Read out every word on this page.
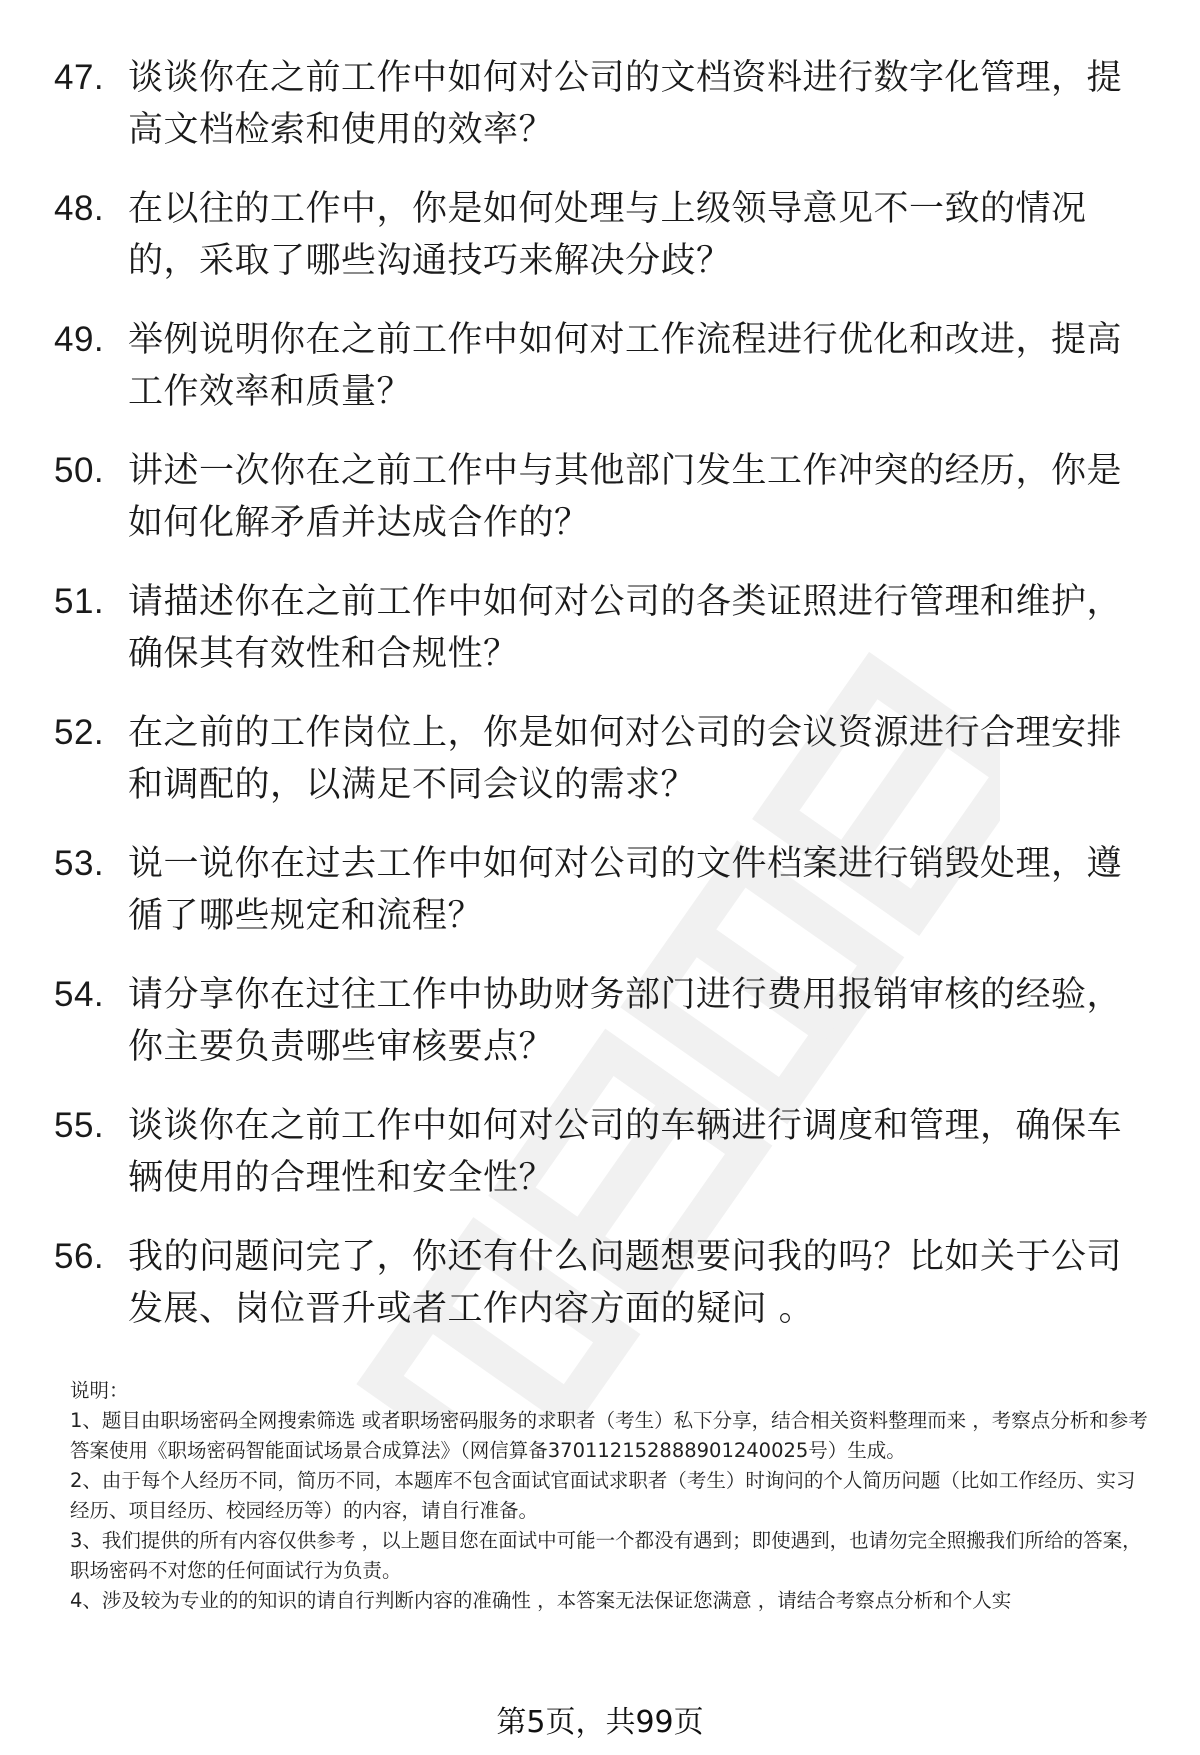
47. 谈谈你在之前工作中如何对公司的文档资料进行数字化管理，提高文档检索和使用的效率？
48. 在以往的工作中，你是如何处理与上级领导意见不一致的情况的，采取了哪些沟通技巧来解决分歧？
49. 举例说明你在之前工作中如何对工作流程进行优化和改进，提高工作效率和质量？
50. 讲述一次你在之前工作中与其他部门发生工作冲突的经历，你是如何化解矛盾并达成合作的？
51. 请描述你在之前工作中如何对公司的各类证照进行管理和维护，确保其有效性和合规性？
52. 在之前的工作岗位上，你是如何对公司的会议资源进行合理安排和调配的，以满足不同会议的需求？
53. 说一说你在过去工作中如何对公司的文件档案进行销毁处理，遵循了哪些规定和流程？
54. 请分享你在过往工作中协助财务部门进行费用报销审核的经验，你主要负责哪些审核要点？
55. 谈谈你在之前工作中如何对公司的车辆进行调度和管理，确保车辆使用的合理性和安全性？
56. 我的问题问完了，你还有什么问题想要问我的吗？比如关于公司发展、岗位晋升或者工作内容方面的疑问 。

说明：

1、题目由职场密码全网搜索筛选 或者职场密码服务的求职者（考生）私下分享，结合相关资料整理而来 ，考察点分析和参考答案使用《职场密码智能面试场景合成算法》（网信算备370112152888901240025号）生成。

2、由于每个人经历不同，简历不同，本题库不包含面试官面试求职者（考生）时询问的个人简历问题（比如工作经历、实习经历、项目经历、校园经历等）的内容，请自行准备。

3、我们提供的所有内容仅供参考 ，以上题目您在面试中可能一个都没有遇到；即使遇到，也请勿完全照搬我们所给的答案，职场密码不对您的任何面试行为负责。

4、涉及较为专业的的知识的请自行判断内容的准确性 ，本答案无法保证您满意 ，请结合考察点分析和个人实

第5页，共99页
